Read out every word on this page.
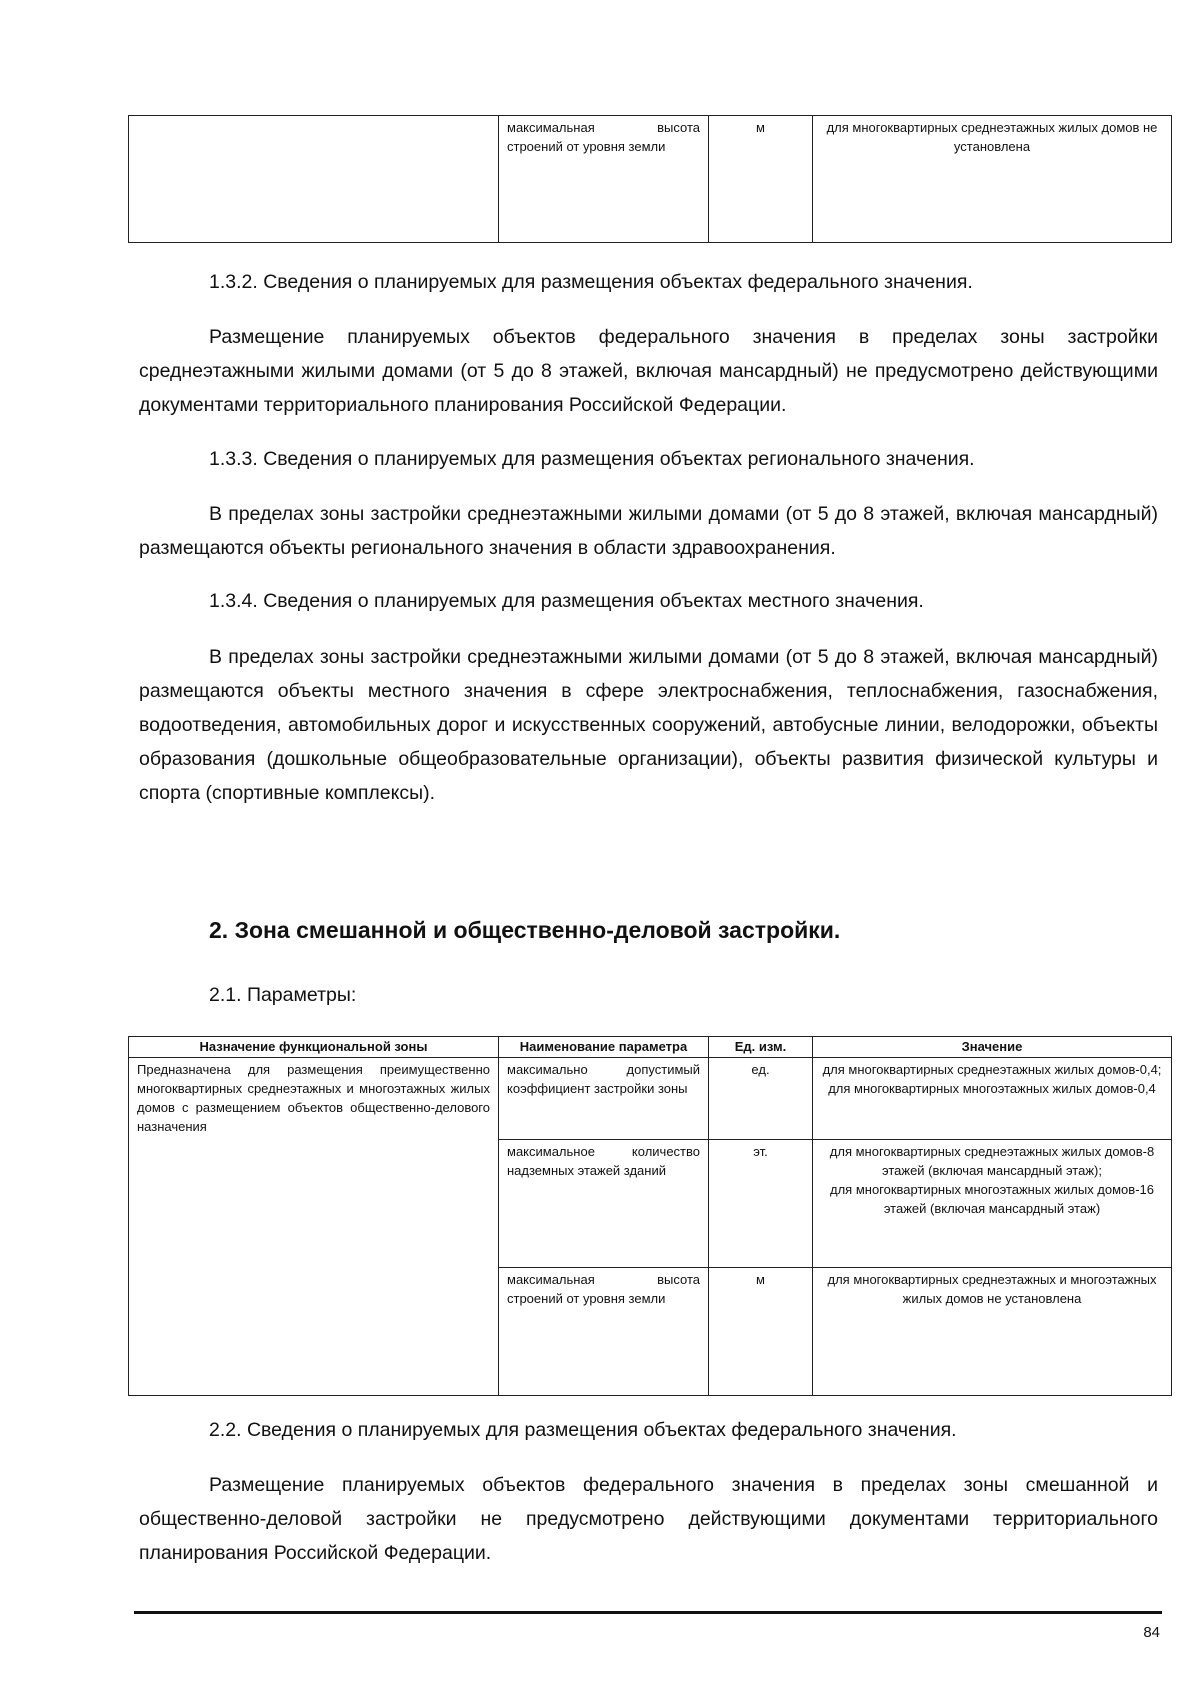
	максимальная высота строений от уровня земли	м	для многоквартирных среднеэтажных жилых домов не установлена
1.3.2. Сведения о планируемых для размещения объектах федерального значения.
Размещение планируемых объектов федерального значения в пределах зоны застройки среднеэтажными жилыми домами (от 5 до 8 этажей, включая мансардный) не предусмотрено действующими документами территориального планирования Российской Федерации.
1.3.3. Сведения о планируемых для размещения объектах регионального значения.
В пределах зоны застройки среднеэтажными жилыми домами (от 5 до 8 этажей, включая мансардный) размещаются объекты регионального значения в области здравоохранения.
1.3.4. Сведения о планируемых для размещения объектах местного значения.
В пределах зоны застройки среднеэтажными жилыми домами (от 5 до 8 этажей, включая мансардный) размещаются объекты местного значения в сфере электроснабжения, теплоснабжения, газоснабжения, водоотведения, автомобильных дорог и искусственных сооружений, автобусные линии, велодорожки, объекты образования (дошкольные общеобразовательные организации), объекты развития физической культуры и спорта (спортивные комплексы).
2. Зона смешанной и общественно-деловой застройки.
2.1. Параметры:
Назначение функциональной зоны	Наименование параметра	Ед. изм.	Значение
Предназначена для размещения преимущественно многоквартирных среднеэтажных и многоэтажных жилых домов с размещением объектов общественно-делового назначения	максимально допустимый коэффициент застройки зоны	ед.	для многоквартирных среднеэтажных жилых домов-0,4;
для многоквартирных многоэтажных жилых домов-0,4

	максимальное количество надземных этажей зданий	эт.	для многоквартирных среднеэтажных жилых домов-8 этажей (включая мансардный этаж);
для многоквартирных многоэтажных жилых домов-16 этажей (включая мансардный этаж)

	максимальная высота строений от уровня земли	м	для многоквартирных среднеэтажных и многоэтажных жилых домов не установлена
2.2. Сведения о планируемых для размещения объектах федерального значения.
Размещение планируемых объектов федерального значения в пределах зоны смешанной и общественно-деловой застройки не предусмотрено действующими документами территориального планирования Российской Федерации.
84
